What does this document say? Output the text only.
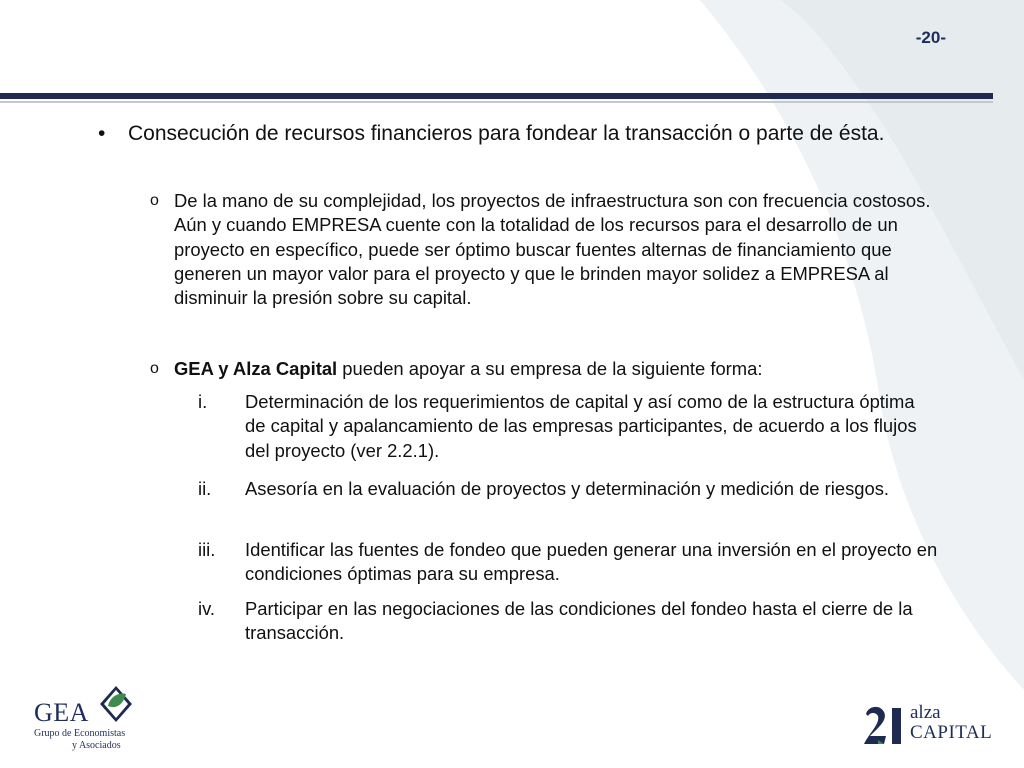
-20-
•	Consecución de recursos financieros para fondear la transacción o parte de ésta.
o De la mano de su complejidad, los proyectos de infraestructura son con frecuencia costosos. Aún y cuando EMPRESA cuente con la totalidad de los recursos para el desarrollo de un proyecto en específico, puede ser óptimo buscar fuentes alternas de financiamiento que generen un mayor valor para el proyecto y que le brinden mayor solidez a EMPRESA al disminuir la presión sobre su capital.
o GEA y Alza Capital pueden apoyar a su empresa de la siguiente forma:
i.	Determinación de los requerimientos de capital y así como de la estructura óptima de capital y apalancamiento de las empresas participantes, de acuerdo a los flujos del proyecto (ver 2.2.1).
ii.	Asesoría en la evaluación de proyectos y determinación y medición de riesgos.
iii.	Identificar las fuentes de fondeo que pueden generar una inversión en el proyecto en condiciones óptimas para su empresa.
iv.	Participar en las negociaciones de las condiciones del fondeo hasta el cierre de la transacción.
GEA
Grupo de Economistas
y Asociados
alza
CAPITAL
